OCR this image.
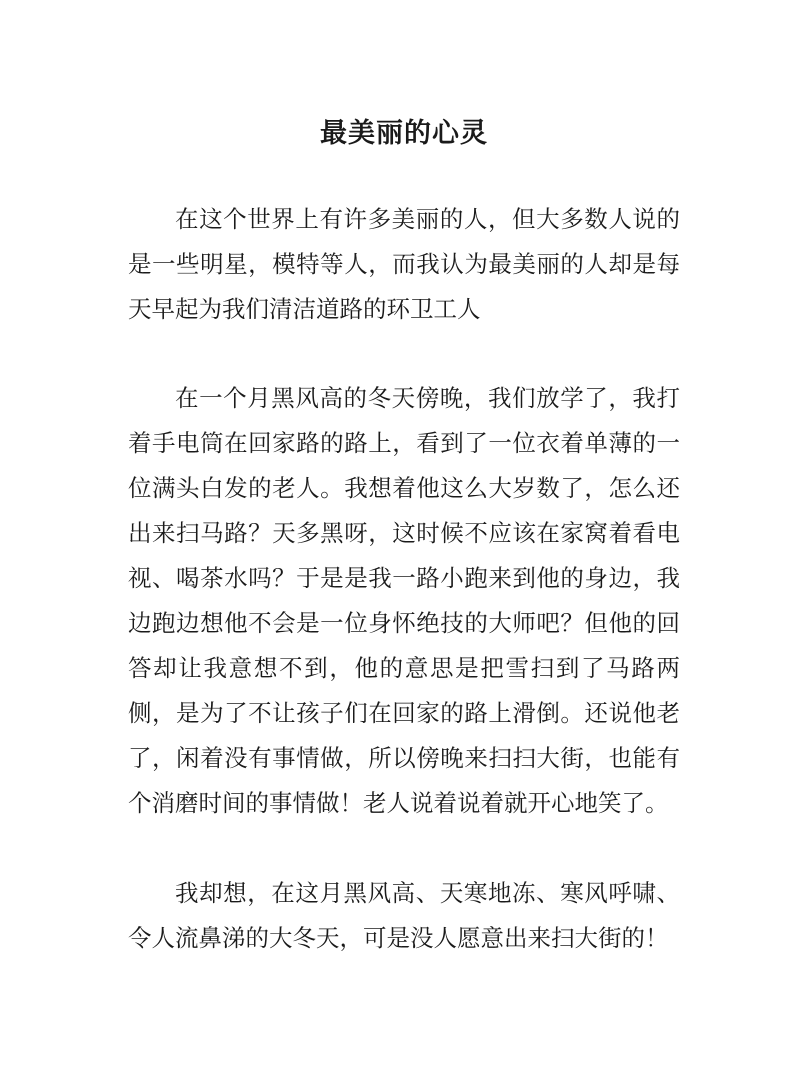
最美丽的心灵

在这个世界上有许多美丽的人，但大多数人说的是一些明星，模特等人，而我认为最美丽的人却是每天早起为我们清洁道路的环卫工人

在一个月黑风高的冬天傍晚，我们放学了，我打着手电筒在回家路的路上，看到了一位衣着单薄的一位满头白发的老人。我想着他这么大岁数了，怎么还出来扫马路？天多黑呀，这时候不应该在家窝着看电视、喝茶水吗？于是是我一路小跑来到他的身边，我边跑边想他不会是一位身怀绝技的大师吧？但他的回答却让我意想不到，他的意思是把雪扫到了马路两侧，是为了不让孩子们在回家的路上滑倒。还说他老了，闲着没有事情做，所以傍晚来扫扫大街，也能有个消磨时间的事情做！老人说着说着就开心地笑了。

我却想，在这月黑风高、天寒地冻、寒风呼啸、令人流鼻涕的大冬天，可是没人愿意出来扫大街的！
